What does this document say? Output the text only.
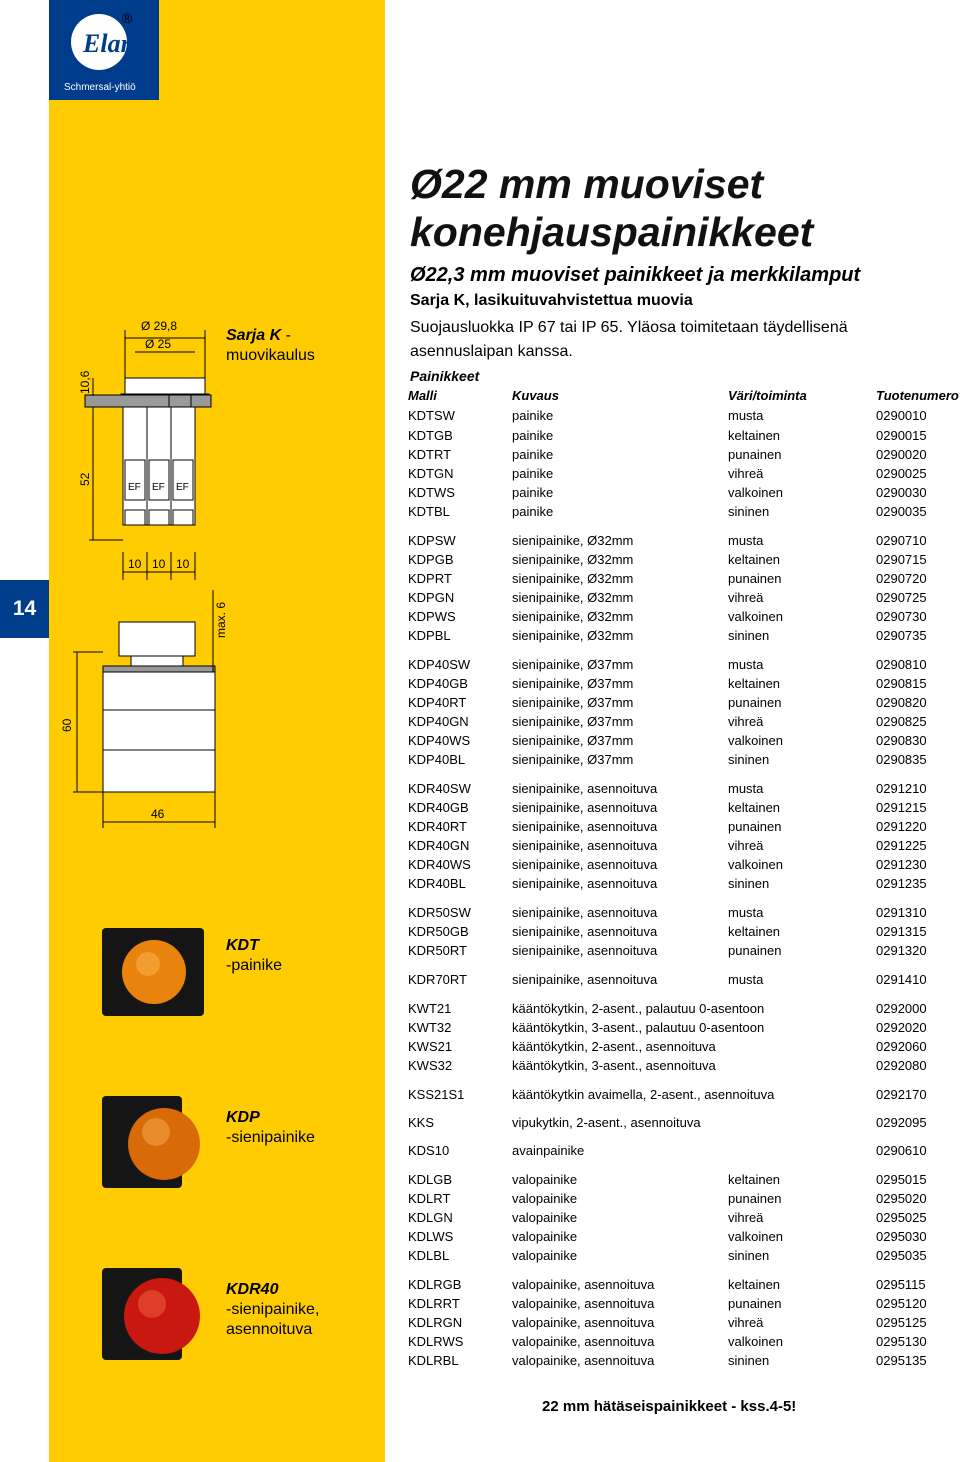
Elan
®
Schmersal-yhtiö
14
Ø 29,8
Ø 25
10,6
52
EF EF EF
10 10 10
max. 6
60
46
Sarja K -
muovikaulus
KDT
-painike
KDP
-sienipainike
KDR40
-sienipainike,
asennoituva
Ø22 mm muoviset
konehjauspainikkeet
Ø22,3 mm muoviset painikkeet ja merkkilamput
Sarja K, lasikuituvahvistettua muovia
Suojausluokka IP 67 tai IP 65. Yläosa toimitetaan täydellisenä asennuslaipan kanssa.
Painikkeet
Malli	Kuvaus	Väri/toiminta	Tuotenumero
KDTSW	painike	musta	0290010
KDTGB	painike	keltainen	0290015
KDTRT	painike	punainen	0290020
KDTGN	painike	vihreä	0290025
KDTWS	painike	valkoinen	0290030
KDTBL	painike	sininen	0290035
KDPSW	sienipainike, Ø32mm	musta	0290710
KDPGB	sienipainike, Ø32mm	keltainen	0290715
KDPRT	sienipainike, Ø32mm	punainen	0290720
KDPGN	sienipainike, Ø32mm	vihreä	0290725
KDPWS	sienipainike, Ø32mm	valkoinen	0290730
KDPBL	sienipainike, Ø32mm	sininen	0290735
KDP40SW	sienipainike, Ø37mm	musta	0290810
KDP40GB	sienipainike, Ø37mm	keltainen	0290815
KDP40RT	sienipainike, Ø37mm	punainen	0290820
KDP40GN	sienipainike, Ø37mm	vihreä	0290825
KDP40WS	sienipainike, Ø37mm	valkoinen	0290830
KDP40BL	sienipainike, Ø37mm	sininen	0290835
KDR40SW	sienipainike, asennoituva	musta	0291210
KDR40GB	sienipainike, asennoituva	keltainen	0291215
KDR40RT	sienipainike, asennoituva	punainen	0291220
KDR40GN	sienipainike, asennoituva	vihreä	0291225
KDR40WS	sienipainike, asennoituva	valkoinen	0291230
KDR40BL	sienipainike, asennoituva	sininen	0291235
KDR50SW	sienipainike, asennoituva	musta	0291310
KDR50GB	sienipainike, asennoituva	keltainen	0291315
KDR50RT	sienipainike, asennoituva	punainen	0291320
KDR70RT	sienipainike, asennoituva	musta	0291410
KWT21	kääntökytkin, 2-asent., palautuu 0-asentoon	0292000
KWT32	kääntökytkin, 3-asent., palautuu 0-asentoon	0292020
KWS21	kääntökytkin, 2-asent., asennoituva	0292060
KWS32	kääntökytkin, 3-asent., asennoituva	0292080
KSS21S1	kääntökytkin avaimella, 2-asent., asennoituva	0292170
KKS	vipukytkin, 2-asent., asennoituva	0292095
KDS10	avainpainike	0290610
KDLGB	valopainike	keltainen	0295015
KDLRT	valopainike	punainen	0295020
KDLGN	valopainike	vihreä	0295025
KDLWS	valopainike	valkoinen	0295030
KDLBL	valopainike	sininen	0295035
KDLRGB	valopainike, asennoituva	keltainen	0295115
KDLRRT	valopainike, asennoituva	punainen	0295120
KDLRGN	valopainike, asennoituva	vihreä	0295125
KDLRWS	valopainike, asennoituva	valkoinen	0295130
KDLRBL	valopainike, asennoituva	sininen	0295135
22 mm hätäseispainikkeet - kss.4-5!
